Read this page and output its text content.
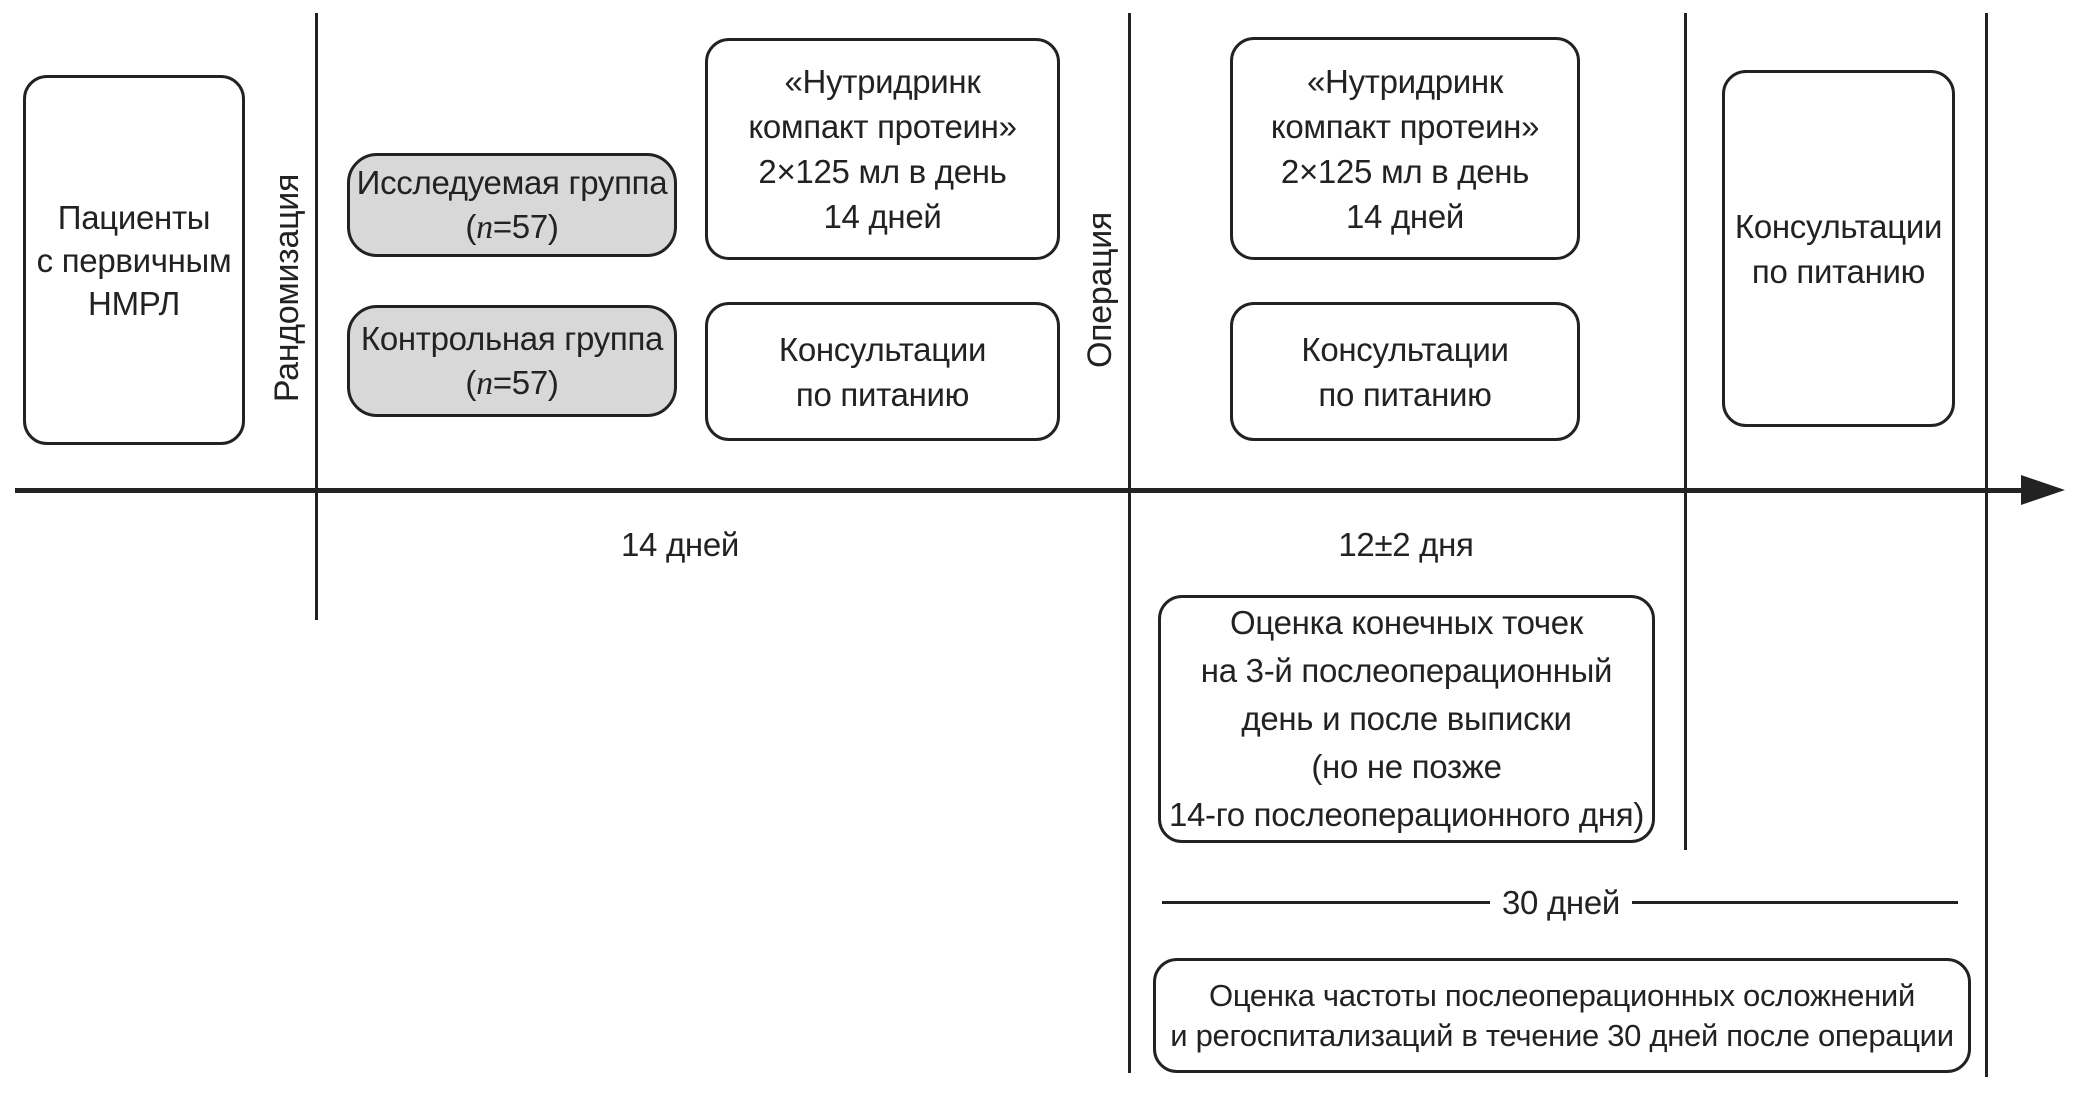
Рандомизация	Операция
14 дней	12±2 дня
30 дней
Пациенты
с первичным
НМРЛ
Исследуемая группа
(n=57)
Контрольная группа
(n=57)
«Нутридринк
компакт протеин»
2×125 мл в день
14 дней
Консультации
по питанию
«Нутридринк
компакт протеин»
2×125 мл в день
14 дней
Консультации
по питанию
Консультации
по питанию
Оценка конечных точек
на 3-й послеоперационный
день и после выписки
(но не позже
14-го послеоперационного дня)
Оценка частоты послеоперационных осложнений
и регоспитализаций в течение 30 дней после операции
